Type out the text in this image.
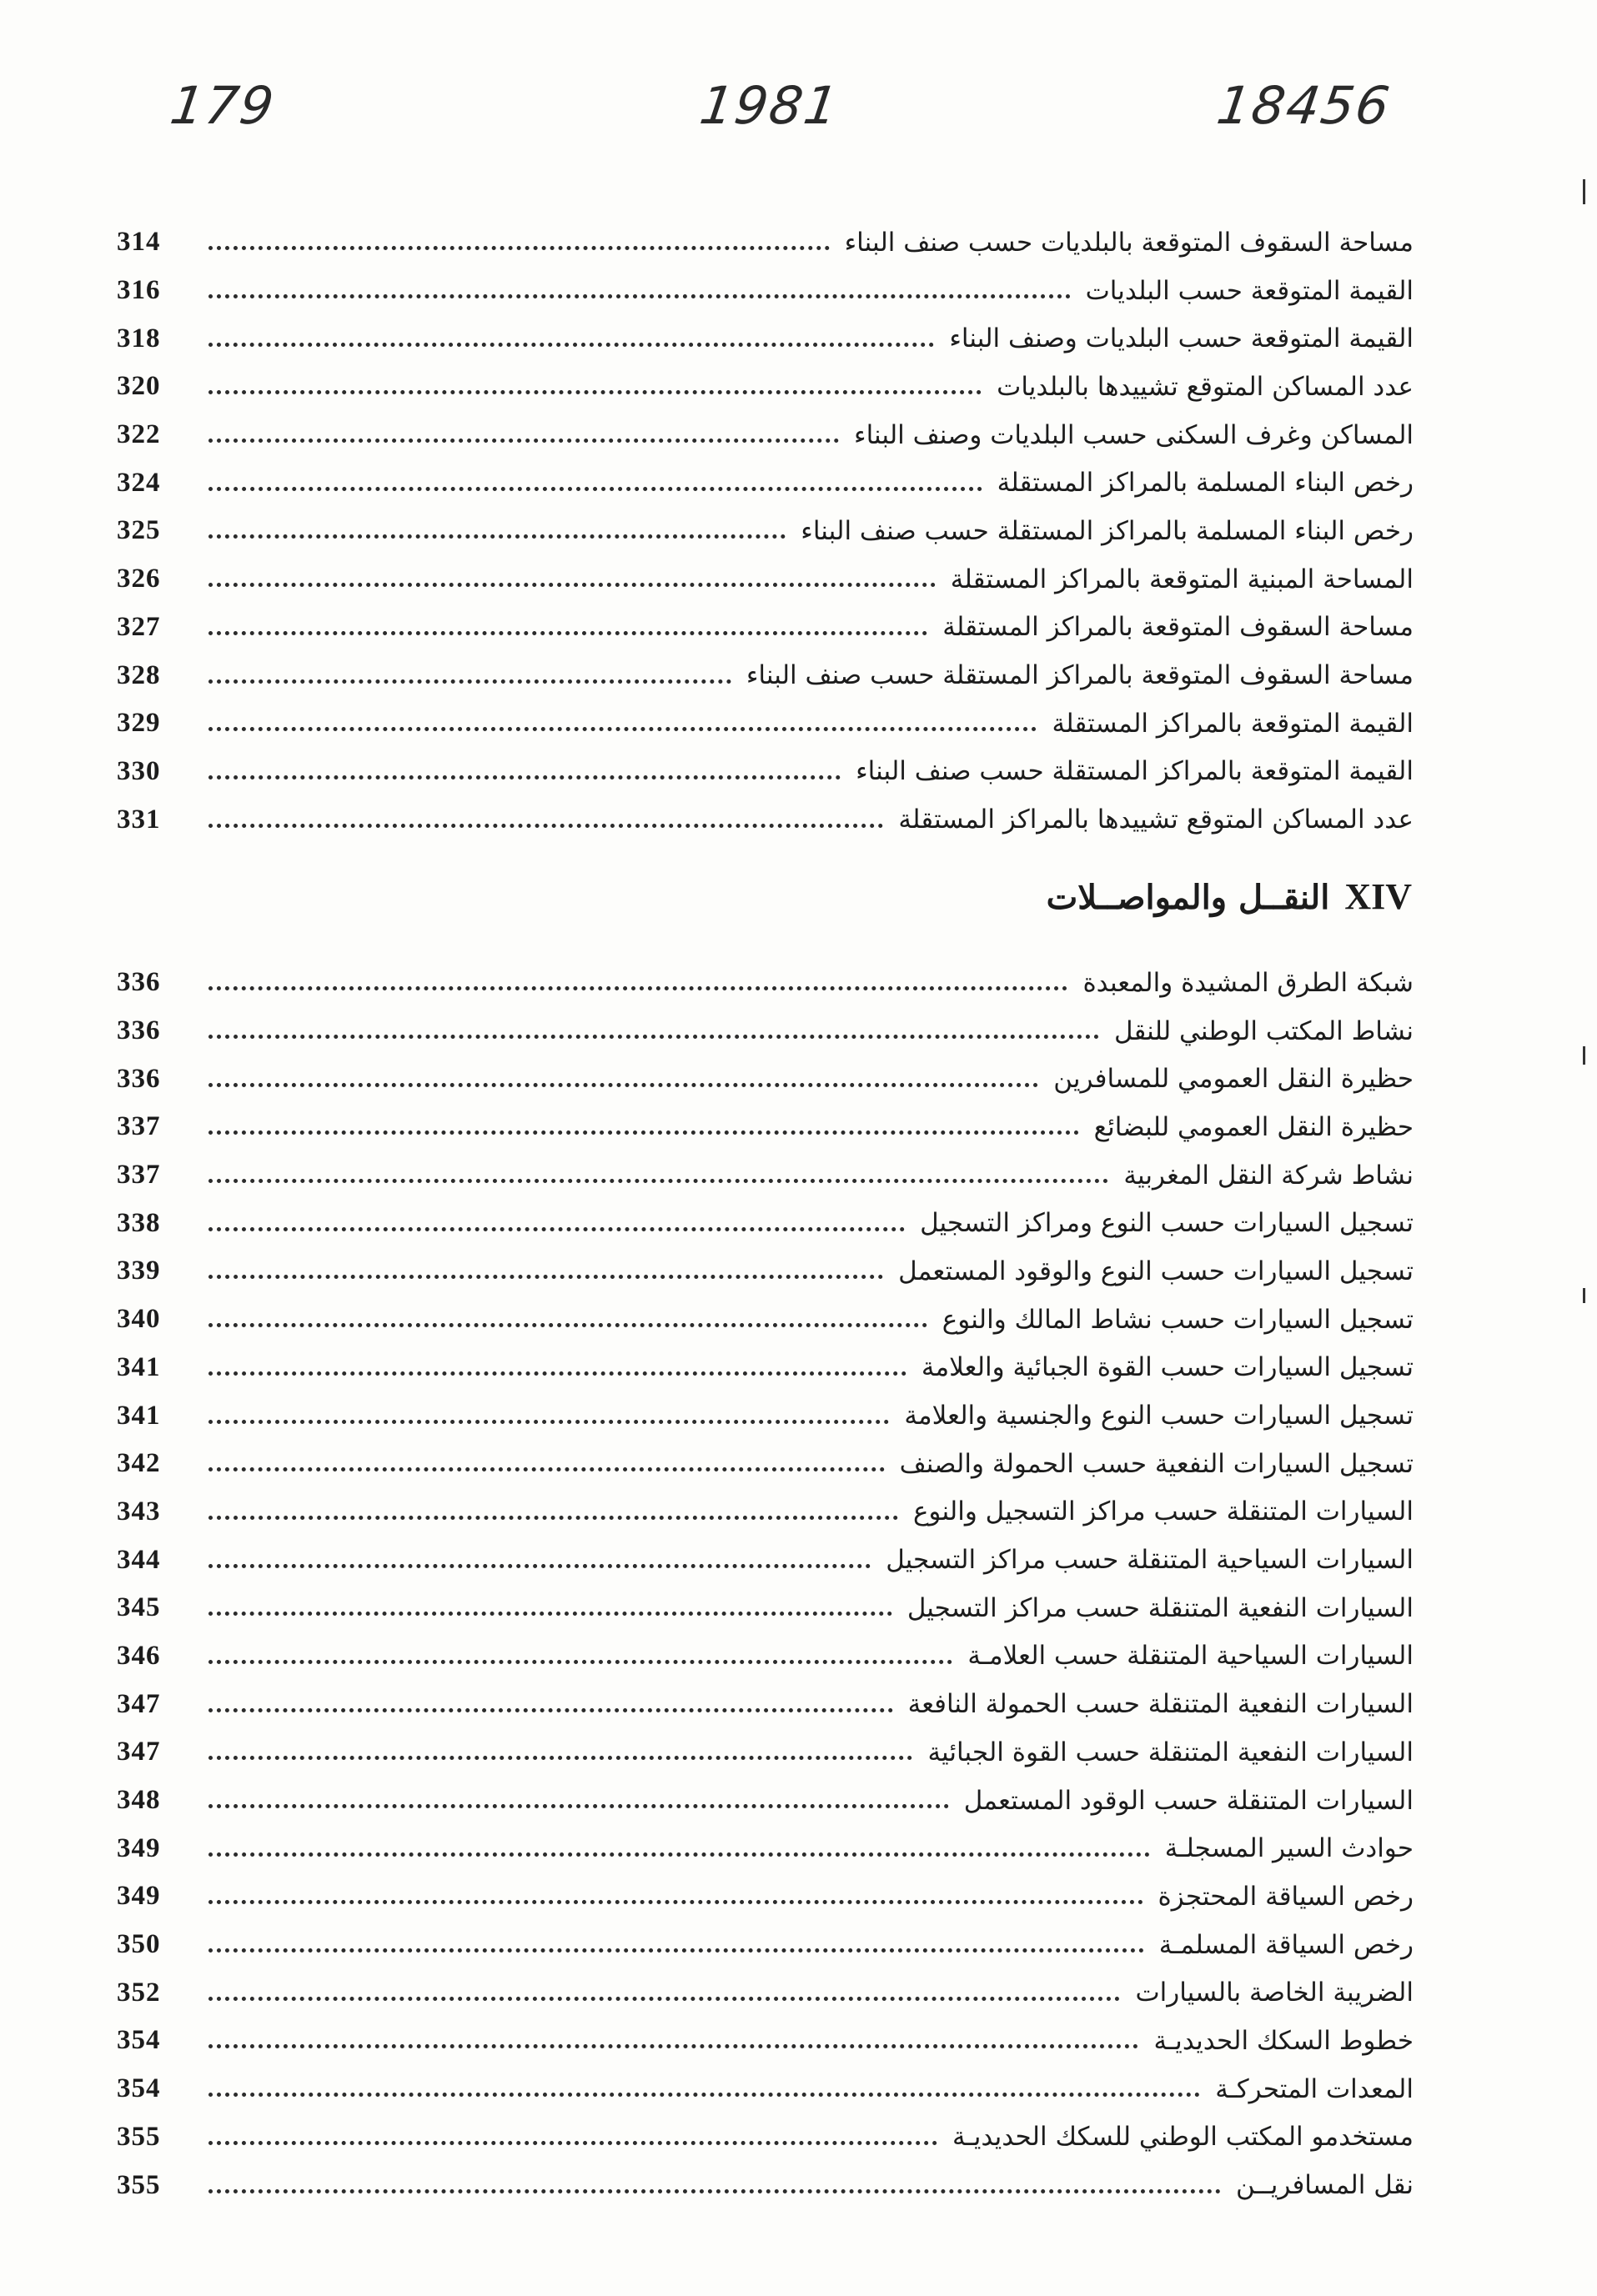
179	1981	18456
مساحة السقوف المتوقعة بالبلديات حسب صنف البناء
314
القيمة المتوقعة حسب البلديات
316
القيمة المتوقعة حسب البلديات وصنف البناء
318
عدد المساكن المتوقع تشييدها بالبلديات
320
المساكن وغرف السكنى حسب البلديات وصنف البناء
322
رخص البناء المسلمة بالمراكز المستقلة
324
رخص البناء المسلمة بالمراكز المستقلة حسب صنف البناء
325
المساحة المبنية المتوقعة بالمراكز المستقلة
326
مساحة السقوف المتوقعة بالمراكز المستقلة
327
مساحة السقوف المتوقعة بالمراكز المستقلة حسب صنف البناء
328
القيمة المتوقعة بالمراكز المستقلة
329
القيمة المتوقعة بالمراكز المستقلة حسب صنف البناء
330
عدد المساكن المتوقع تشييدها بالمراكز المستقلة
331
النقــل والمواصــلات XIV
شبكة الطرق المشيدة والمعبدة
336
نشاط المكتب الوطني للنقل
336
حظيرة النقل العمومي للمسافرين
336
حظيرة النقل العمومي للبضائع
337
نشاط شركة النقل المغربية
337
تسجيل السيارات حسب النوع ومراكز التسجيل
338
تسجيل السيارات حسب النوع والوقود المستعمل
339
تسجيل السيارات حسب نشاط المالك والنوع
340
تسجيل السيارات حسب القوة الجبائية والعلامة
341
تسجيل السيارات حسب النوع والجنسية والعلامة
341
تسجيل السيارات النفعية حسب الحمولة والصنف
342
السيارات المتنقلة حسب مراكز التسجيل والنوع
343
السيارات السياحية المتنقلة حسب مراكز التسجيل
344
السيارات النفعية المتنقلة حسب مراكز التسجيل
345
السيارات السياحية المتنقلة حسب العلامـة
346
السيارات النفعية المتنقلة حسب الحمولة النافعة
347
السيارات النفعية المتنقلة حسب القوة الجبائية
347
السيارات المتنقلة حسب الوقود المستعمل
348
حوادث السير المسجلـة
349
رخص السياقة المحتجزة
349
رخص السياقة المسلمـة
350
الضريبة الخاصة بالسيارات
352
خطوط السكك الحديديـة
354
المعدات المتحركـة
354
مستخدمو المكتب الوطني للسكك الحديديـة
355
نقل المسافريــن
355
